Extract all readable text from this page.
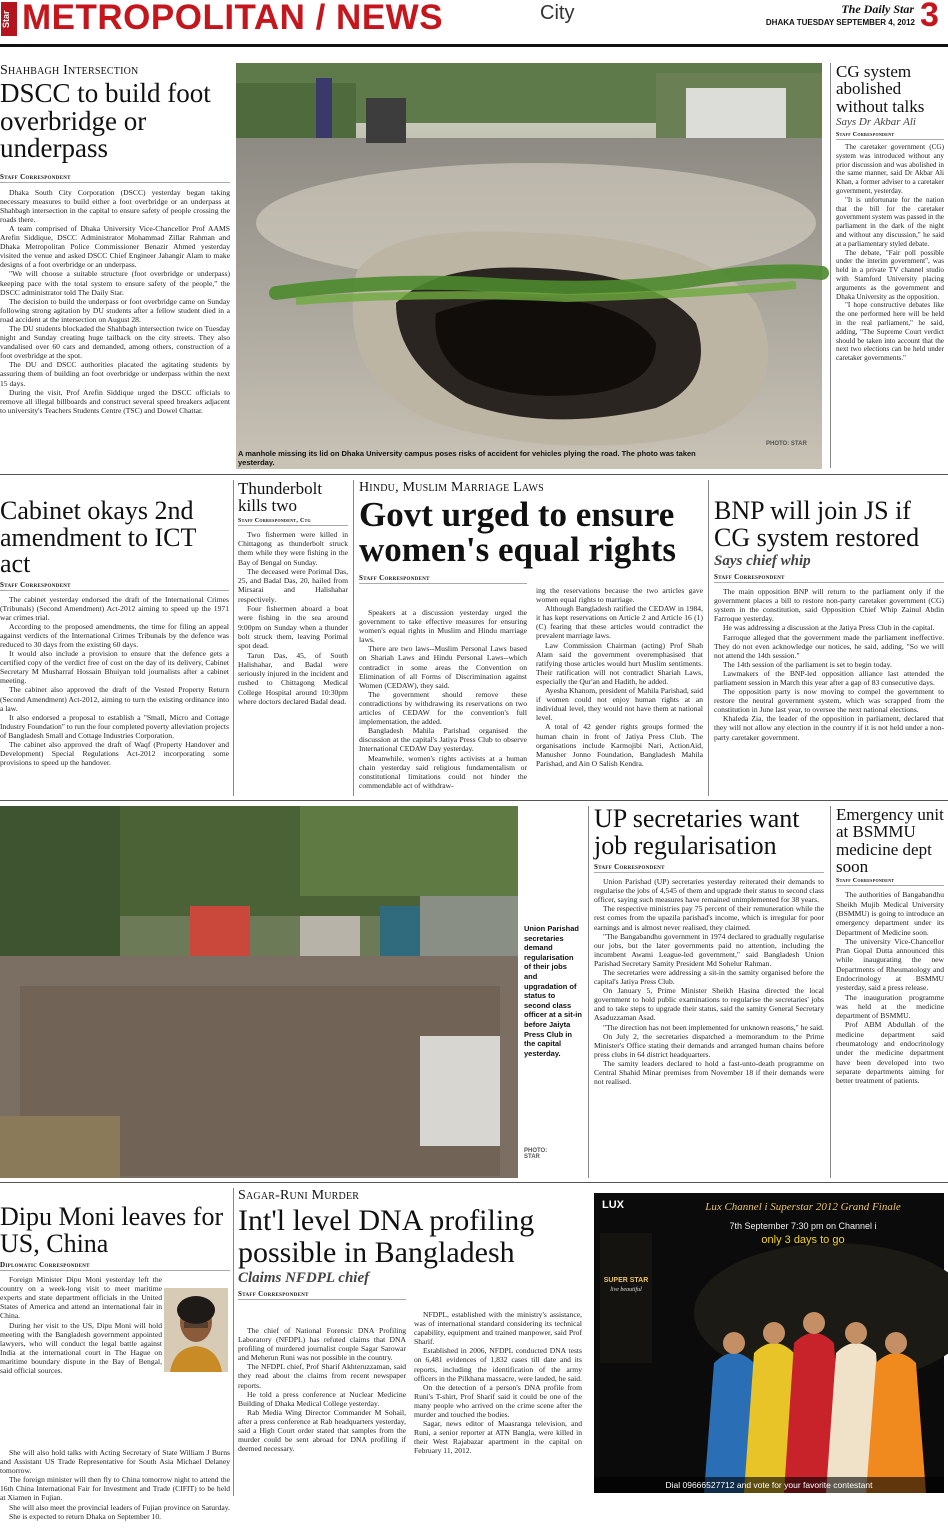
Star METROPOLITAN / NEWS	City	The Daily Star
DHAKA TUESDAY SEPTEMBER 4, 2012 3
Shahbagh Intersection
DSCC to build foot overbridge or underpass
Staff Correspondent

Dhaka South City Corporation (DSCC) yesterday began taking necessary measures to build either a foot overbridge or an underpass at Shahbagh intersection in the capital to ensure safety of people crossing the roads there.

A team comprised of Dhaka University Vice-Chancellor Prof AAMS Arefin Siddique, DSCC Administrator Mohammad Zillar Rahman and Dhaka Metropolitan Police Commissioner Benazir Ahmed yesterday visited the venue and asked DSCC Chief Engineer Jahangir Alam to make designs of a foot overbridge or an underpass.

"We will choose a suitable structure (foot overbridge or underpass) keeping pace with the total system to ensure safety of the people," the DSCC administrator told The Daily Star.

The decision to build the underpass or foot overbridge came on Sunday following strong agitation by DU students after a fellow student died in a road accident at the intersection on August 28.

The DU students blockaded the Shahbagh intersection twice on Tuesday night and Sunday creating huge tailback on the city streets. They also vandalised over 60 cars and demanded, among others, construction of a foot overbridge at the spot.

The DU and DSCC authorities placated the agitating students by assuring them of building an foot overbridge or underpass within the next 15 days.

During the visit, Prof Arefin Siddique urged the DSCC officials to remove all illegal billboards and construct several speed breakers adjacent to university's Teachers Students Centre (TSC) and Dowel Chattar.

A manhole missing its lid on Dhaka University campus poses risks of accident for vehicles plying the road. The photo was taken yesterday.
PHOTO: STAR
CG system abolished without talks
Says Dr Akbar Ali
Staff Correspondent

The caretaker government (CG) system was introduced without any prior discussion and was abolished in the same manner, said Dr Akbar Ali Khan, a former adviser to a caretaker government, yesterday.

"It is unfortunate for the nation that the bill for the caretaker government system was passed in the parliament in the dark of the night and without any discussion," he said at a parliamentary styled debate.

The debate, "Fair poll possible under the interim government", was held in a private TV channel studio with Stamford University placing arguments as the government and Dhaka University as the opposition.

"I hope constructive debates like the one performed here will be held in the real parliament," he said, adding, "The Supreme Court verdict should be taken into account that the next two elections can be held under caretaker governments."

Cabinet okays 2nd amendment to ICT act
Staff Correspondent

The cabinet yesterday endorsed the draft of the International Crimes (Tribunals) (Second Amendment) Act-2012 aiming to speed up the 1971 war crimes trial.

According to the proposed amendments, the time for filing an appeal against verdicts of the International Crimes Tribunals by the defence was reduced to 30 days from the existing 60 days.

It would also include a provision to ensure that the defence gets a certified copy of the verdict free of cost on the day of its delivery, Cabinet Secretary M Musharraf Hossain Bhuiyan told journalists after a cabinet meeting.

The cabinet also approved the draft of the Vested Property Return (Second Amendment) Act-2012, aiming to turn the existing ordinance into a law.

It also endorsed a proposal to establish a "Small, Micro and Cottage Industry Foundation" to run the four completed poverty alleviation projects of Bangladesh Small and Cottage Industries Corporation.

The cabinet also approved the draft of Waqf (Property Handover and Development) Special Regulations Act-2012 incorporating some provisions to speed up the handover.

Thunderbolt kills two
Staff Correspondent, Ctg

Two fishermen were killed in Chittagong as thunderbolt struck them while they were fishing in the Bay of Bengal on Sunday.

The deceased were Porimal Das, 25, and Badal Das, 20, hailed from Mirsarai and Halishahar respectively.

Four fishermen aboard a boat were fishing in the sea around 9:00pm on Sunday when a thunder bolt struck them, leaving Porimal spot dead.

Tarun Das, 45, of South Halishahar, and Badal were seriously injured in the incident and rushed to Chittagong Medical College Hospital around 10:30pm where doctors declared Badal dead.

Hindu, Muslim Marriage Laws
Govt urged to ensure women's equal rights
Staff Correspondent

Speakers at a discussion yesterday urged the government to take effective measures for ensuring women's equal rights in Muslim and Hindu marriage laws.

There are two laws--Muslim Personal Laws based on Shariah Laws and Hindu Personal Laws--which contradict in some areas the Convention on Elimination of all Forms of Discrimination against Women (CEDAW), they said.

The government should remove these contradictions by withdrawing its reservations on two articles of CEDAW for the convention's full implementation, the added.

Bangladesh Mahila Parishad organised the discussion at the capital's Jatiya Press Club to observe International CEDAW Day yesterday.

Meanwhile, women's rights activists at a human chain yesterday said religious fundamentalism or constitutional limitations could not hinder the commendable act of withdraw-

ing the reservations because the two articles gave women equal rights to marriage.

Although Bangladesh ratified the CEDAW in 1984, it has kept reservations on Article 2 and Article 16 (1) (C) fearing that these articles would contradict the prevalent marriage laws.

Law Commission Chairman (acting) Prof Shah Alam said the government overemphasised that ratifying those articles would hurt Muslim sentiments. Their ratification will not contradict Shariah Laws, especially the Qur'an and Hadith, he added.

Ayesha Khanom, president of Mahila Parishad, said if women could not enjoy human rights at an individual level, they would not have them at national level.

A total of 42 gender rights groups formed the human chain in front of Jatiya Press Club. The organisations include Karmojibi Nari, ActionAid, Manusher Jonno Foundation, Bangladesh Mahila Parishad, and Ain O Salish Kendra.

BNP will join JS if CG system restored
Says chief whip
Staff Correspondent

The main opposition BNP will return to the parliament only if the government places a bill to restore non-party caretaker government (CG) system in the constitution, said Opposition Chief Whip Zainul Abdin Farroque yesterday.

He was addressing a discussion at the Jatiya Press Club in the capital.

Farroque alleged that the government made the parliament ineffective. They do not even acknowledge our notices, he said, adding, "So we will not attend the 14th session."

The 14th session of the parliament is set to begin today.

Lawmakers of the BNP-led opposition alliance last attended the parliament session in March this year after a gap of 83 consecutive days.

The opposition party is now moving to compel the government to restore the neutral government system, which was scrapped from the constitution in June last year, to oversee the next national elections.

Khaleda Zia, the leader of the opposition in parliament, declared that they will not allow any election in the country if it is not held under a non-party caretaker government.

Union Parishad secretaries demand regularisation of their jobs and upgradation of status to second class officer at a sit-in before Jaiyta Press Club in the capital yesterday.
PHOTO: STAR
UP secretaries want job regularisation
Staff Correspondent

Union Parishad (UP) secretaries yesterday reiterated their demands to regularise the jobs of 4,545 of them and upgrade their status to second class officer, saying such measures have remained unimplemented for 38 years.

The respective ministries pay 75 percent of their remuneration while the rest comes from the upazila parishad's income, which is irregular for poor earnings and is almost never realised, they claimed.

"The Bangabandhu government in 1974 declared to gradually regularise our jobs, but the later governments paid no attention, including the incumbent Awami League-led government," said Bangladesh Union Parishad Secretary Samity President Md Sohelur Rahman.

The secretaries were addressing a sit-in the samity organised before the capital's Jatiya Press Club.

On January 5, Prime Minister Sheikh Hasina directed the local government to hold public examinations to regularise the secretaries' jobs and to take steps to upgrade their status, said the samity General Secretary Asaduzzaman Asad.

"The direction has not been implemented for unknown reasons," he said.

On July 2, the secretaries dispatched a memorandum to the Prime Minister's Office stating their demands and arranged human chains before press clubs in 64 district headquarters.

The samity leaders declared to hold a fast-unto-death programme on Central Shahid Minar premises from November 18 if their demands were not realised.

Emergency unit at BSMMU medicine dept soon
Staff Correspondent

The authorities of Bangabandhu Sheikh Mujib Medical University (BSMMU) is going to introduce an emergency department under its Department of Medicine soon.

The university Vice-Chancellor Pran Gopal Dutta announced this while inaugurating the new Departments of Rheumatology and Endocrinology at BSMMU yesterday, said a press release.

The inauguration programme was held at the medicine department of BSMMU.

Prof ABM Abdullah of the medicine department said rheumatology and endocrinology under the medicine department have been developed into two separate departments aiming for better treatment of patients.

Dipu Moni leaves for US, China
Diplomatic Correspondent

Foreign Minister Dipu Moni yesterday left the country on a week-long visit to meet maritime experts and state department officials in the United States of America and attend an international fair in China.

During her visit to the US, Dipu Moni will hold meeting with the Bangladesh government appointed lawyers, who will conduct the legal battle against India at the international court in The Hague on maritime boundary dispute in the Bay of Bengal, said official sources.

She will also hold talks with Acting Secretary of State William J Burns and Assistant US Trade Representative for South Asia Michael Delaney tomorrow.

The foreign minister will then fly to China tomorrow night to attend the 16th China International Fair for Investment and Trade (CIFIT) to be held at Xiamen in Fujian.

She will also meet the provincial leaders of Fujian province on Saturday.

She is expected to return Dhaka on September 10.

Sagar-Runi Murder
Int'l level DNA profiling possible in Bangladesh
Claims NFDPL chief
Staff Correspondent

The chief of National Forensic DNA Profiling Laboratory (NFDPL) has refuted claims that DNA profiling of murdered journalist couple Sagar Sarowar and Meherun Runi was not possible in the country.

The NFDPL chief, Prof Sharif Akhteruzzaman, said they read about the claims from recent newspaper reports.

He told a press conference at Nuclear Medicine Building of Dhaka Medical College yesterday.

Rab Media Wing Director Commander M Sohail, after a press conference at Rab headquarters yesterday, said a High Court order stated that samples from the murder could be sent abroad for DNA profiling if deemed necessary.

NFDPL, established with the ministry's assistance, was of international standard considering its technical capability, equipment and trained manpower, said Prof Sharif.

Established in 2006, NFDPL conducted DNA tests on 6,481 evidences of 1,832 cases till date and its reports, including the identification of the army officers in the Pilkhana massacre, were lauded, he said.

On the detection of a person's DNA profile from Runi's T-shirt, Prof Sharif said it could be one of the many people who arrived on the crime scene after the murder and touched the bodies.

Sagar, news editor of Maasranga television, and Runi, a senior reporter at ATN Bangla, were killed in their West Rajabazar apartment in the capital on February 11, 2012.

LUX
SUPER STAR
live beautiful
Lux Channel i Superstar 2012 Grand Finale
7th September 7:30 pm on Channel i
only 3 days to go
Dial 09666527712 and vote for your favorite contestant
